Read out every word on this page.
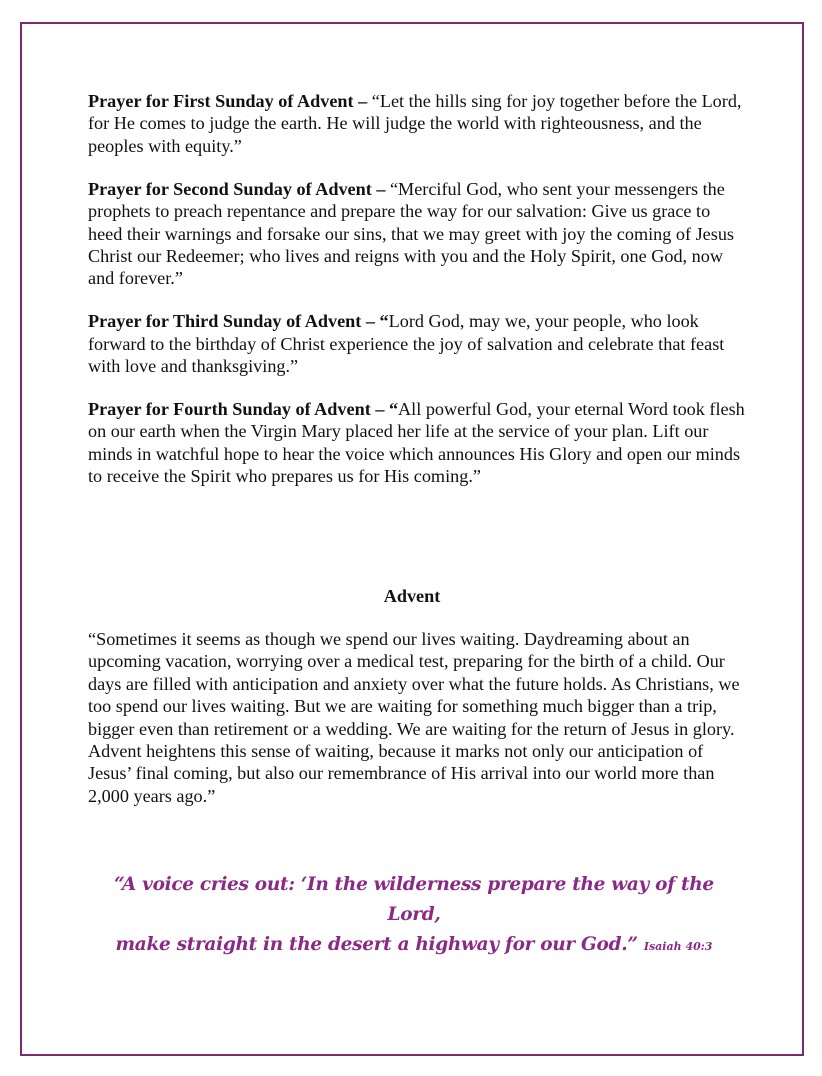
Prayer for First Sunday of Advent – “Let the hills sing for joy together before the Lord, for He comes to judge the earth. He will judge the world with righteousness, and the peoples with equity.”

Prayer for Second Sunday of Advent – “Merciful God, who sent your messengers the prophets to preach repentance and prepare the way for our salvation: Give us grace to heed their warnings and forsake our sins, that we may greet with joy the coming of Jesus Christ our Redeemer; who lives and reigns with you and the Holy Spirit, one God, now and forever.”

Prayer for Third Sunday of Advent – “Lord God, may we, your people, who look forward to the birthday of Christ experience the joy of salvation and celebrate that feast with love and thanksgiving.”

Prayer for Fourth Sunday of Advent – “All powerful God, your eternal Word took flesh on our earth when the Virgin Mary placed her life at the service of your plan. Lift our minds in watchful hope to hear the voice which announces His Glory and open our minds to receive the Spirit who prepares us for His coming.”

Advent

“Sometimes it seems as though we spend our lives waiting. Daydreaming about an upcoming vacation, worrying over a medical test, preparing for the birth of a child. Our days are filled with anticipation and anxiety over what the future holds. As Christians, we too spend our lives waiting. But we are waiting for something much bigger than a trip, bigger even than retirement or a wedding. We are waiting for the return of Jesus in glory. Advent heightens this sense of waiting, because it marks not only our anticipation of Jesus’ final coming, but also our remembrance of His arrival into our world more than 2,000 years ago.”

“A voice cries out: ‘In the wilderness prepare the way of the Lord,
make straight in the desert a highway for our God.” Isaiah 40:3
